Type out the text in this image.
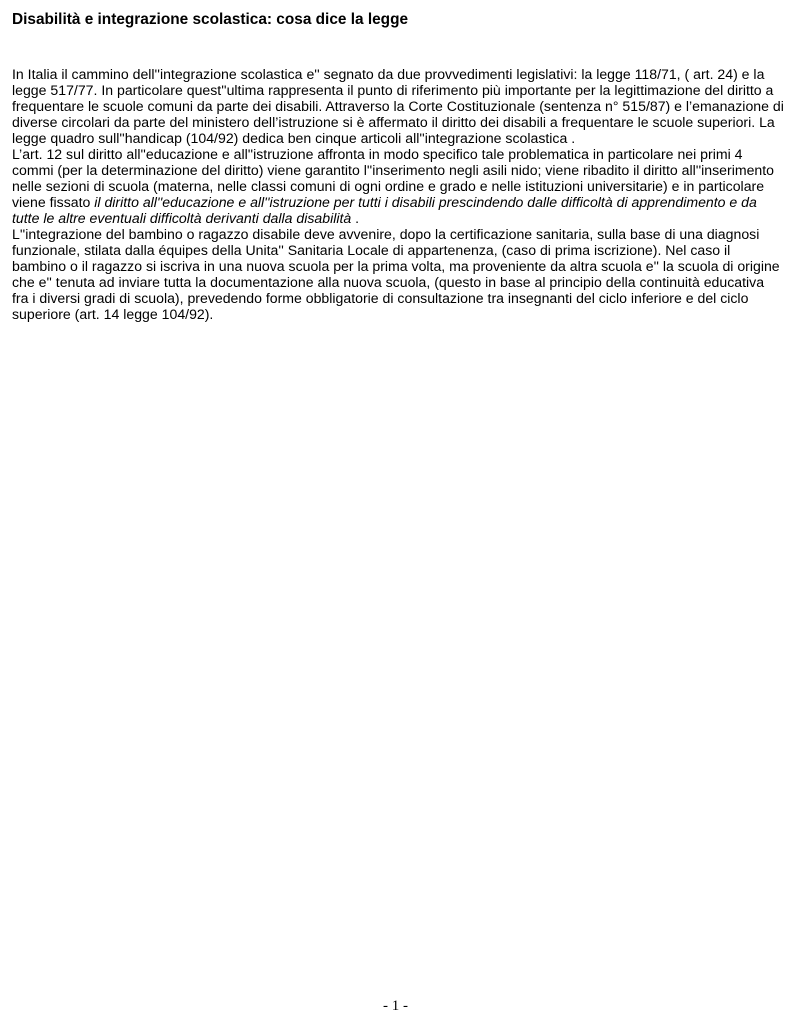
Disabilità e integrazione scolastica: cosa dice la legge

In Italia il cammino dell''integrazione scolastica e'' segnato da due provvedimenti legislativi: la legge 118/71, ( art. 24) e la legge 517/77. In particolare quest''ultima rappresenta il punto di riferimento più importante per la legittimazione del diritto a frequentare le scuole comuni da parte dei disabili. Attraverso la Corte Costituzionale (sentenza n° 515/87) e l’emanazione di diverse circolari da parte del ministero dell’istruzione si è affermato il diritto dei disabili a frequentare le scuole superiori. La legge quadro sull''handicap (104/92) dedica ben cinque articoli all''integrazione scolastica .

L’art. 12 sul diritto all''educazione e all''istruzione affronta in modo specifico tale problematica in particolare nei primi 4 commi (per la determinazione del diritto) viene garantito l''inserimento negli asili nido; viene ribadito il diritto all''inserimento nelle sezioni di scuola (materna, nelle classi comuni di ogni ordine e grado e nelle istituzioni universitarie) e in particolare viene fissato il diritto all''educazione e all''istruzione per tutti i disabili prescindendo dalle difficoltà di apprendimento e da tutte le altre eventuali difficoltà derivanti dalla disabilità .

L''integrazione del bambino o ragazzo disabile deve avvenire, dopo la certificazione sanitaria, sulla base di una diagnosi funzionale, stilata dalla équipes della Unita'' Sanitaria Locale di appartenenza, (caso di prima iscrizione). Nel caso il bambino o il ragazzo si iscriva in una nuova scuola per la prima volta, ma proveniente da altra scuola e'' la scuola di origine che e'' tenuta ad inviare tutta la documentazione alla nuova scuola, (questo in base al principio della continuità educativa fra i diversi gradi di scuola), prevedendo forme obbligatorie di consultazione tra insegnanti del ciclo inferiore e del ciclo superiore (art. 14 legge 104/92).

- 1 -
